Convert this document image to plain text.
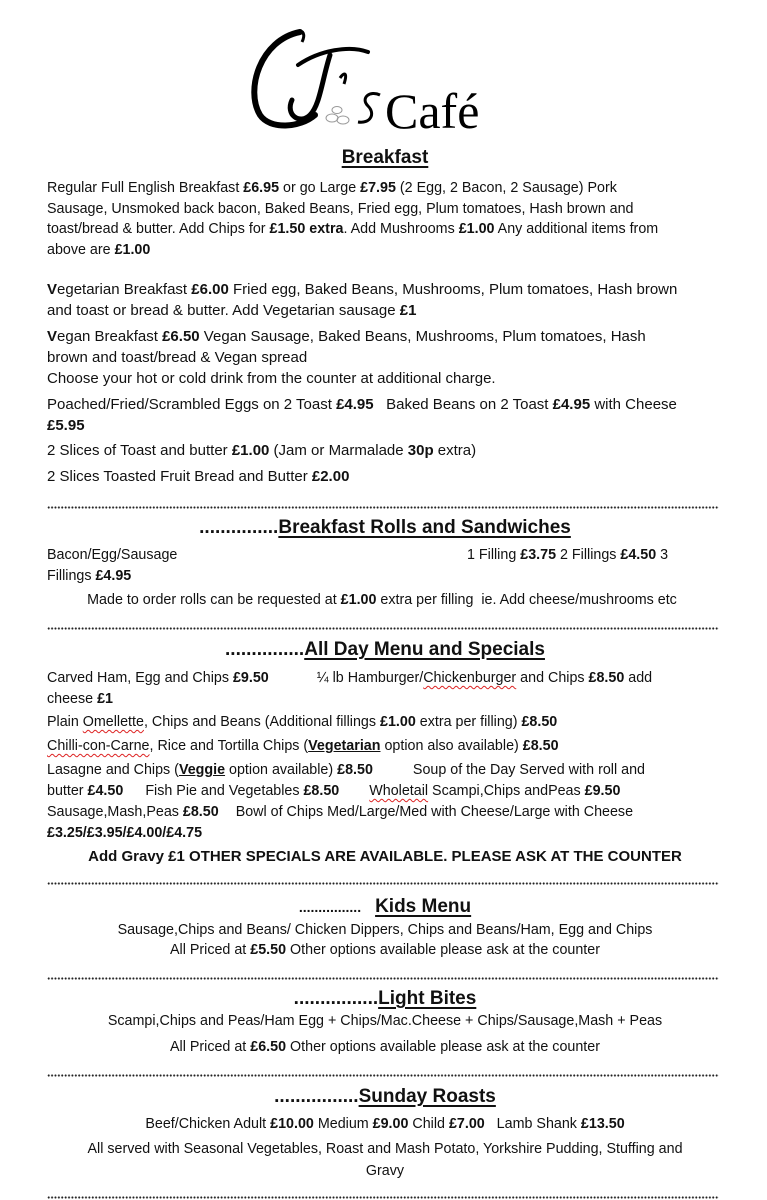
Café
Breakfast
Regular Full English Breakfast £6.95 or go Large £7.95 (2 Egg, 2 Bacon, 2 Sausage) Pork
Sausage, Unsmoked back bacon, Baked Beans, Fried egg, Plum tomatoes, Hash brown and
toast/bread & butter. Add Chips for £1.50 extra. Add Mushrooms £1.00 Any additional items from
above are £1.00
Vegetarian Breakfast £6.00 Fried egg, Baked Beans, Mushrooms, Plum tomatoes, Hash brown
and toast or bread & butter. Add Vegetarian sausage £1
Vegan Breakfast £6.50 Vegan Sausage, Baked Beans, Mushrooms, Plum tomatoes, Hash
brown and toast/bread & Vegan spread
Choose your hot or cold drink from the counter at additional charge.
Poached/Fried/Scrambled Eggs on 2 Toast £4.95   Baked Beans on 2 Toast £4.95 with Cheese
£5.95
2 Slices of Toast and butter £1.00 (Jam or Marmalade 30p extra)
2 Slices Toasted Fruit Bread and Butter £2.00
...............Breakfast Rolls and Sandwiches
Bacon/Egg/Sausage	1 Filling £3.75 2 Fillings £4.50 3
Fillings £4.95
Made to order rolls can be requested at £1.00 extra per filling  ie. Add cheese/mushrooms etc
...............All Day Menu and Specials
Carved Ham, Egg and Chips £9.50	¼ lb Hamburger/Chickenburger and Chips £8.50 add
cheese £1
Plain Omellette, Chips and Beans (Additional fillings £1.00 extra per filling) £8.50
Chilli-con-Carne, Rice and Tortilla Chips (Vegetarian option also available) £8.50
Lasagne and Chips (Veggie option available) £8.50	Soup of the Day Served with roll and
butter £4.50 Fish Pie and Vegetables £8.50 Wholetail Scampi,Chips andPeas £9.50
Sausage,Mash,Peas £8.50 Bowl of Chips Med/Large/Med with Cheese/Large with Cheese
£3.25/£3.95/£4.00/£4.75
Add Gravy £1 OTHER SPECIALS ARE AVAILABLE. PLEASE ASK AT THE COUNTER
................ Kids Menu
Sausage,Chips and Beans/ Chicken Dippers, Chips and Beans/Ham, Egg and Chips
All Priced at £5.50 Other options available please ask at the counter
................Light Bites
Scampi,Chips and Peas/Ham Egg + Chips/Mac.Cheese + Chips/Sausage,Mash + Peas
All Priced at £6.50 Other options available please ask at the counter
................Sunday Roasts
Beef/Chicken Adult £10.00 Medium £9.00 Child £7.00   Lamb Shank £13.50
All served with Seasonal Vegetables, Roast and Mash Potato, Yorkshire Pudding, Stuffing and
Gravy
